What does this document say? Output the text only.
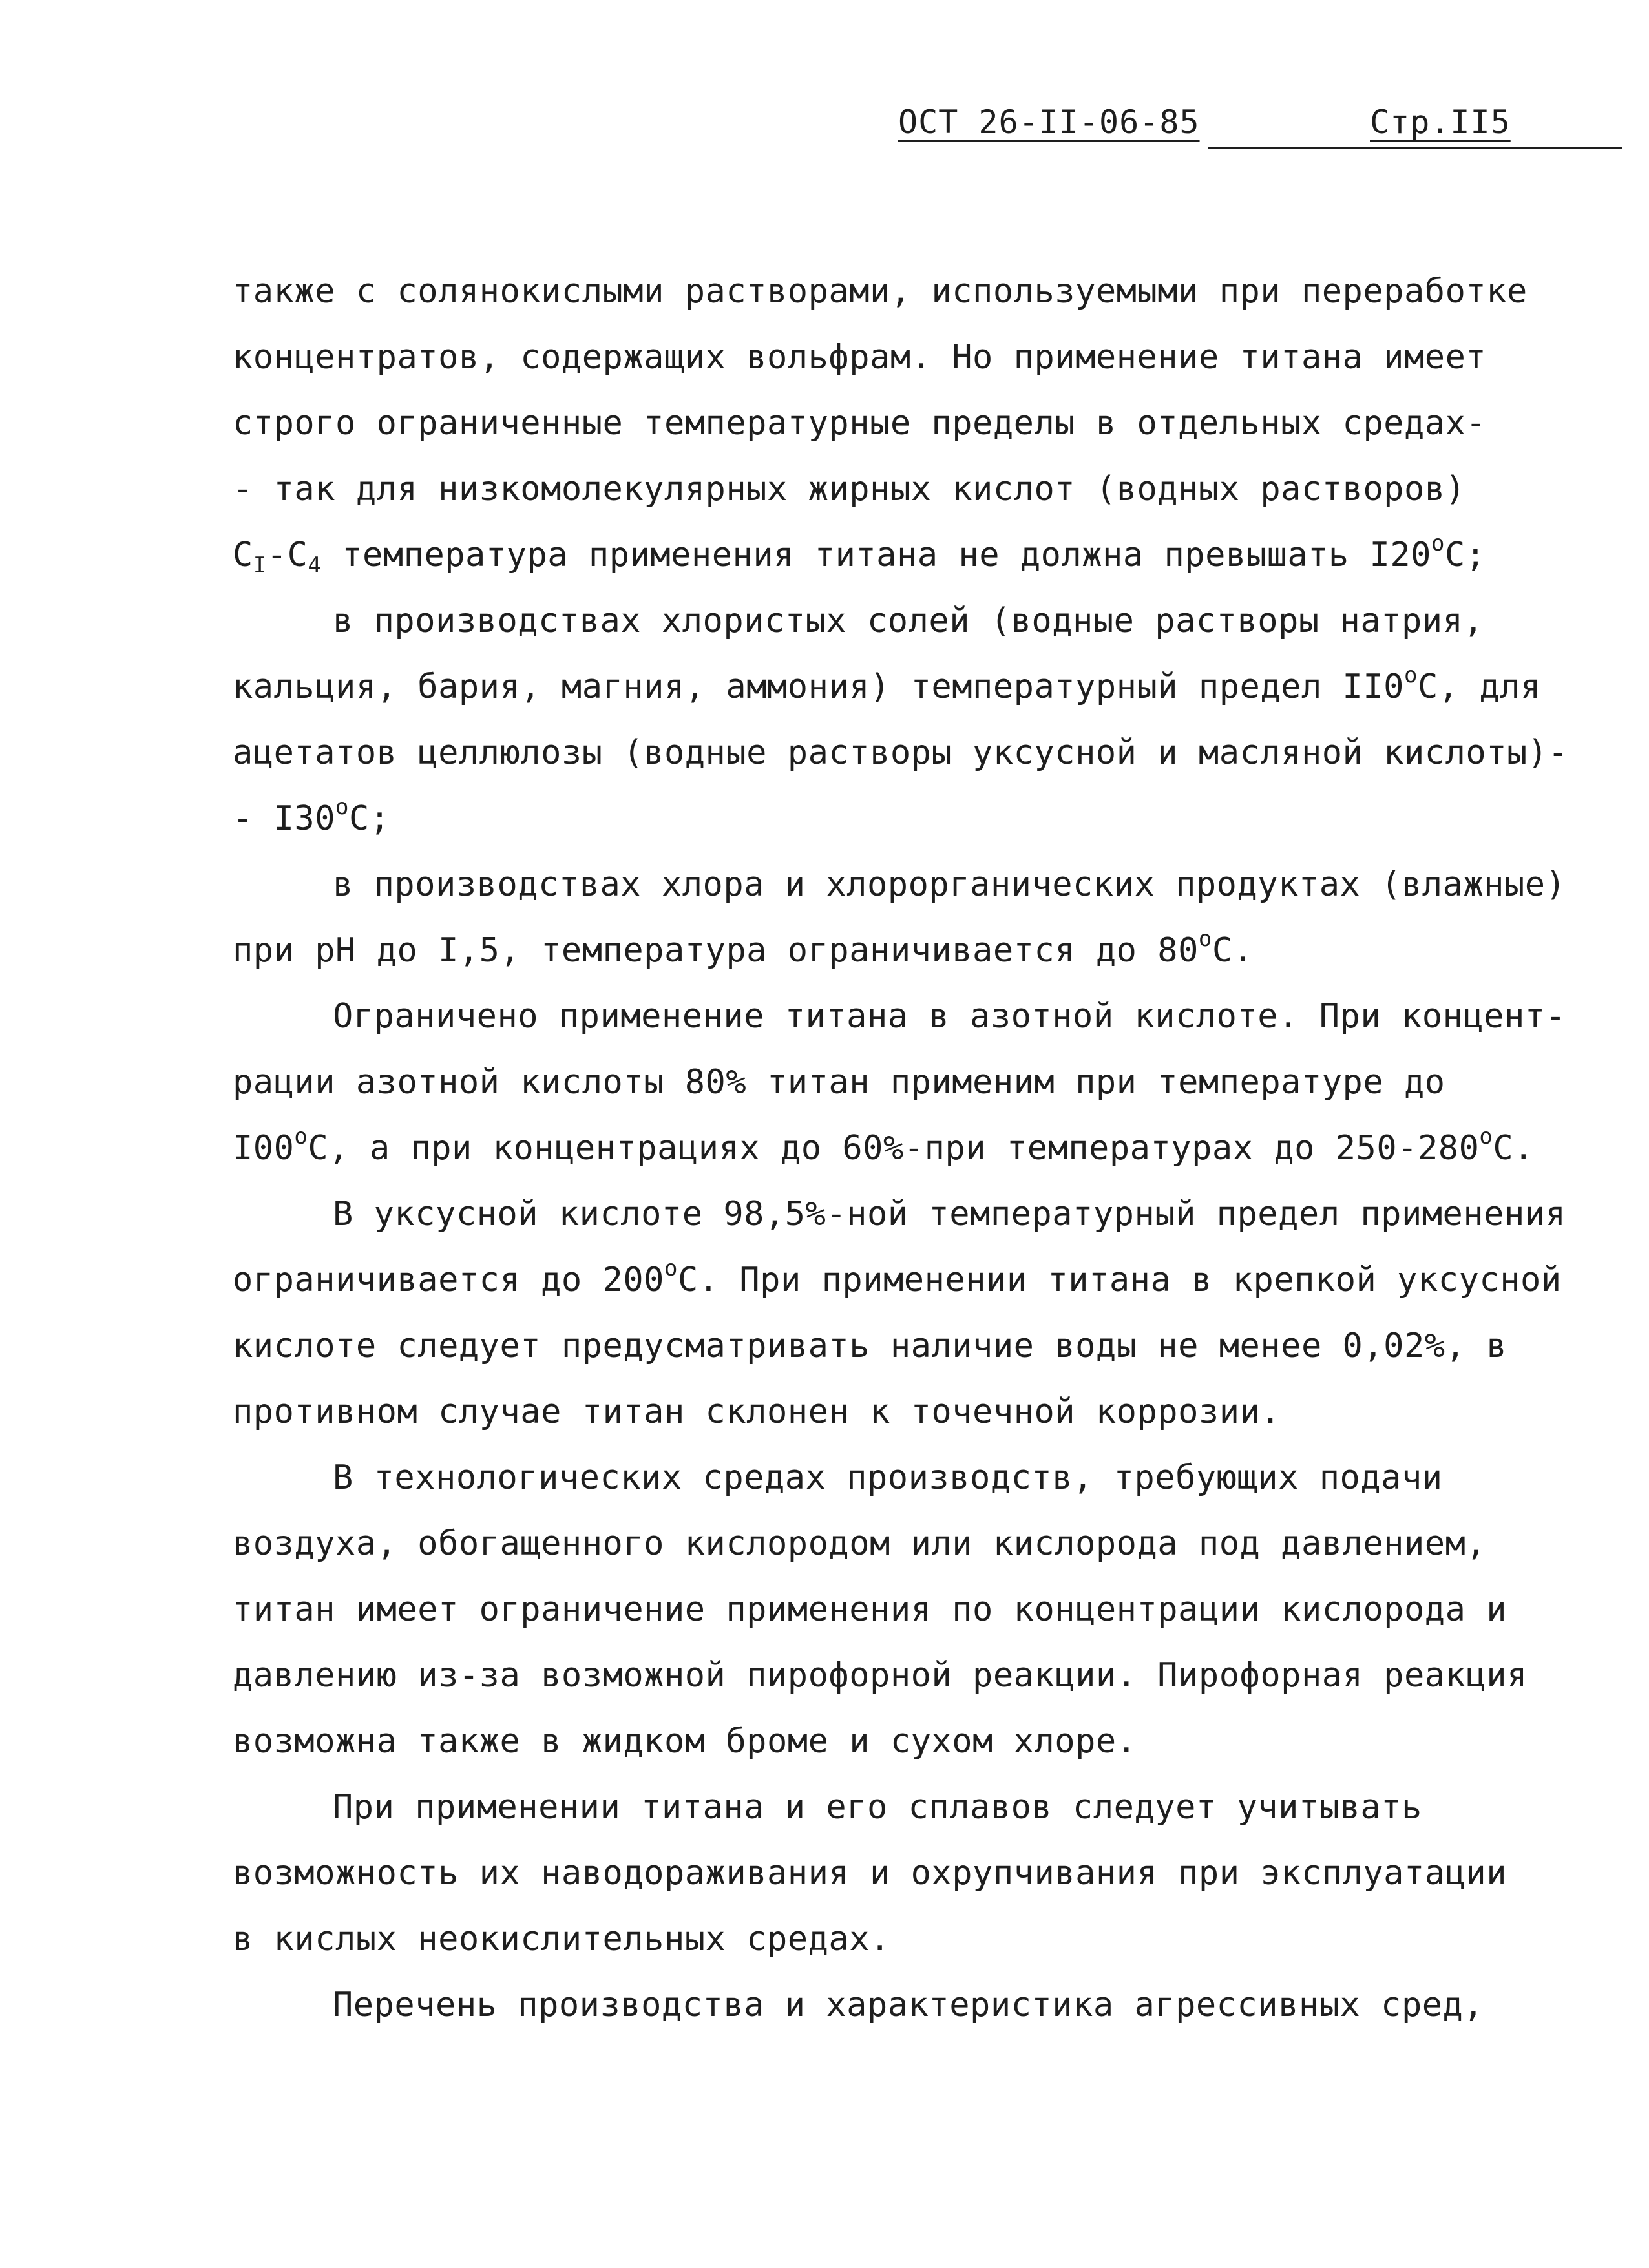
ОСТ 26-II-06-85	Стр.II5

также с солянокислыми растворами, используемыми при переработке
концентратов, содержащих вольфрам. Но применение титана имеет
строго ограниченные температурные пределы в отдельных средах-
- так для низкомолекулярных жирных кислот (водных растворов)
$C_I-C_4$ температура применения титана не должна превышать I20$^o$C;

в производствах хлористых солей (водные растворы натрия,
кальция, бария, магния, аммония) температурный предел II0$^o$C, для
ацетатов целлюлозы (водные растворы уксусной и масляной кислоты)-
- I30$^o$C;

в производствах хлора и хлорорганических продуктах (влажные)
при рН до I,5, температура ограничивается до 80$^o$C.

Ограничено применение титана в азотной кислоте. При концент-
рации азотной кислоты 80% титан применим при температуре до
I00$^o$C, а при концентрациях до 60%-при температурах до 250-280$^o$C.

В уксусной кислоте 98,5%-ной температурный предел применения
ограничивается до 200$^o$C. При применении титана в крепкой уксусной
кислоте следует предусматривать наличие воды не менее 0,02%, в
противном случае титан склонен к точечной коррозии.

В технологических средах производств, требующих подачи
воздуха, обогащенного кислородом или кислорода под давлением,
титан имеет ограничение применения по концентрации кислорода и
давлению из-за возможной пирофорной реакции. Пирофорная реакция
возможна также в жидком броме и сухом хлоре.

При применении титана и его сплавов следует учитывать
возможность их наводораживания и охрупчивания при эксплуатации
в кислых неокислительных средах.

Перечень производства и характеристика агрессивных сред,
